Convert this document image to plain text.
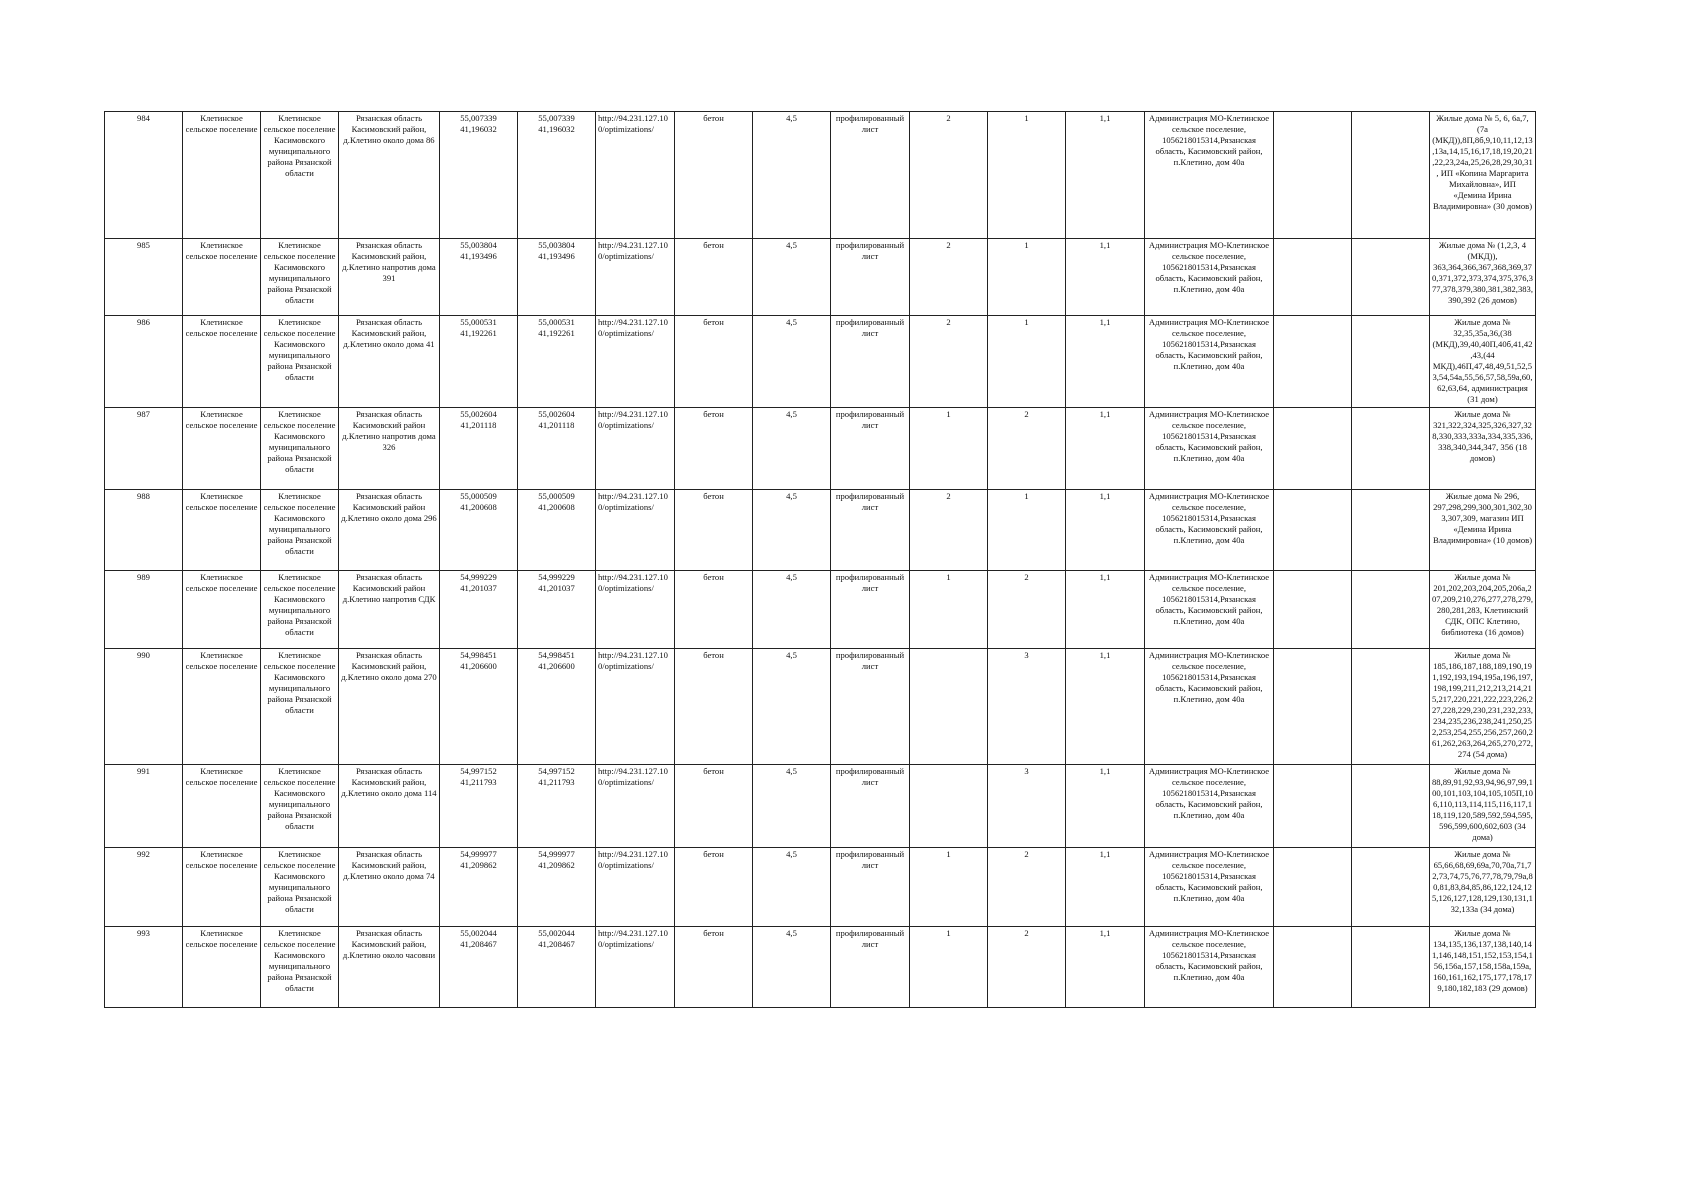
984	Клетинское сельское поселение	Клетинское сельское поселение Касимовского муниципального района Рязанской области	Рязанская область Касимовский район, д.Клетино около дома 86	55,007339 41,196032	55,007339 41,196032	http://94.231.127.100/optimizations/	бетон	4,5	профилированный лист	2	1	1,1	Администрация МО-Клетинское сельское поселение, 1056218015314,Рязанская область, Касимовский район, п.Клетино, дом 40а			Жилые дома № 5, 6, 6а,7, (7а (МКД)),8П,8б,9,10,11,12,13,13а,14,15,16,17,18,19,20,21,22,23,24а,25,26,28,29,30,31, ИП «Копина Маргарита Михайловна», ИП «Демина Ирина Владимировна» (30 домов)
985	Клетинское сельское поселение	Клетинское сельское поселение Касимовского муниципального района Рязанской области	Рязанская область Касимовский район, д.Клетино напротив дома 391	55,003804 41,193496	55,003804 41,193496	http://94.231.127.100/optimizations/	бетон	4,5	профилированный лист	2	1	1,1	Администрация МО-Клетинское сельское поселение, 1056218015314,Рязанская область, Касимовский район, п.Клетино, дом 40а			Жилые дома № (1,2,3, 4 (МКД)), 363,364,366,367,368,369,370,371,372,373,374,375,376,377,378,379,380,381,382,383,390,392 (26 домов)
986	Клетинское сельское поселение	Клетинское сельское поселение Касимовского муниципального района Рязанской области	Рязанская область Касимовский район, д.Клетино около дома 41	55,000531 41,192261	55,000531 41,192261	http://94.231.127.100/optimizations/	бетон	4,5	профилированный лист	2	1	1,1	Администрация МО-Клетинское сельское поселение, 1056218015314,Рязанская область, Касимовский район, п.Клетино, дом 40а			Жилые дома № 32,35,35а,36,(38 (МКД),39,40,40П,40б,41,42,43,(44 МКД),46П,47,48,49,51,52,53,54,54а,55,56,57,58,59а,60,62,63,64, администрация (31 дом)
987	Клетинское сельское поселение	Клетинское сельское поселение Касимовского муниципального района Рязанской области	Рязанская область Касимовский район д.Клетино напротив дома 326	55,002604 41,201118	55,002604 41,201118	http://94.231.127.100/optimizations/	бетон	4,5	профилированный лист	1	2	1,1	Администрация МО-Клетинское сельское поселение, 1056218015314,Рязанская область, Касимовский район, п.Клетино, дом 40а			Жилые дома № 321,322,324,325,326,327,328,330,333,333а,334,335,336,338,340,344,347, 356 (18 домов)
988	Клетинское сельское поселение	Клетинское сельское поселение Касимовского муниципального района Рязанской области	Рязанская область Касимовский район д.Клетино около дома 296	55,000509 41,200608	55,000509 41,200608	http://94.231.127.100/optimizations/	бетон	4,5	профилированный лист	2	1	1,1	Администрация МО-Клетинское сельское поселение, 1056218015314,Рязанская область, Касимовский район, п.Клетино, дом 40а			Жилые дома № 296, 297,298,299,300,301,302,303,307,309, магазин ИП «Демина Ирина Владимировна» (10 домов)
989	Клетинское сельское поселение	Клетинское сельское поселение Касимовского муниципального района Рязанской области	Рязанская область Касимовский район д.Клетино напротив СДК	54,999229 41,201037	54,999229 41,201037	http://94.231.127.100/optimizations/	бетон	4,5	профилированный лист	1	2	1,1	Администрация МО-Клетинское сельское поселение, 1056218015314,Рязанская область, Касимовский район, п.Клетино, дом 40а			Жилые дома № 201,202,203,204,205,206а,207,209,210,276,277,278,279,280,281,283, Клетинский СДК, ОПС Клетино, библиотека (16 домов)
990	Клетинское сельское поселение	Клетинское сельское поселение Касимовского муниципального района Рязанской области	Рязанская область Касимовский район, д.Клетино около дома 270	54,998451 41,206600	54,998451 41,206600	http://94.231.127.100/optimizations/	бетон	4,5	профилированный лист		3	1,1	Администрация МО-Клетинское сельское поселение, 1056218015314,Рязанская область, Касимовский район, п.Клетино, дом 40а			Жилые дома № 185,186,187,188,189,190,191,192,193,194,195а,196,197,198,199,211,212,213,214,215,217,220,221,222,223,226,227,228,229,230,231,232,233,234,235,236,238,241,250,252,253,254,255,256,257,260,261,262,263,264,265,270,272,274 (54 дома)
991	Клетинское сельское поселение	Клетинское сельское поселение Касимовского муниципального района Рязанской области	Рязанская область Касимовский район, д.Клетино около дома 114	54,997152 41,211793	54,997152 41,211793	http://94.231.127.100/optimizations/	бетон	4,5	профилированный лист		3	1,1	Администрация МО-Клетинское сельское поселение, 1056218015314,Рязанская область, Касимовский район, п.Клетино, дом 40а			Жилые дома № 88,89,91,92,93,94,96,97,99,100,101,103,104,105,105П,106,110,113,114,115,116,117,118,119,120,589,592,594,595,596,599,600,602,603 (34 дома)
992	Клетинское сельское поселение	Клетинское сельское поселение Касимовского муниципального района Рязанской области	Рязанская область Касимовский район, д.Клетино около дома 74	54,999977 41,209862	54,999977 41,209862	http://94.231.127.100/optimizations/	бетон	4,5	профилированный лист	1	2	1,1	Администрация МО-Клетинское сельское поселение, 1056218015314,Рязанская область, Касимовский район, п.Клетино, дом 40а			Жилые дома № 65,66,68,69,69а,70,70а,71,72,73,74,75,76,77,78,79,79а,80,81,83,84,85,86,122,124,125,126,127,128,129,130,131,132,133а (34 дома)
993	Клетинское сельское поселение	Клетинское сельское поселение Касимовского муниципального района Рязанской области	Рязанская область Касимовский район, д.Клетино около часовни	55,002044 41,208467	55,002044 41,208467	http://94.231.127.100/optimizations/	бетон	4,5	профилированный лист	1	2	1,1	Администрация МО-Клетинское сельское поселение, 1056218015314,Рязанская область, Касимовский район, п.Клетино, дом 40а			Жилые дома № 134,135,136,137,138,140,141,146,148,151,152,153,154,156,156а,157,158,158а,159а,160,161,162,175,177,178,179,180,182,183 (29 домов)
